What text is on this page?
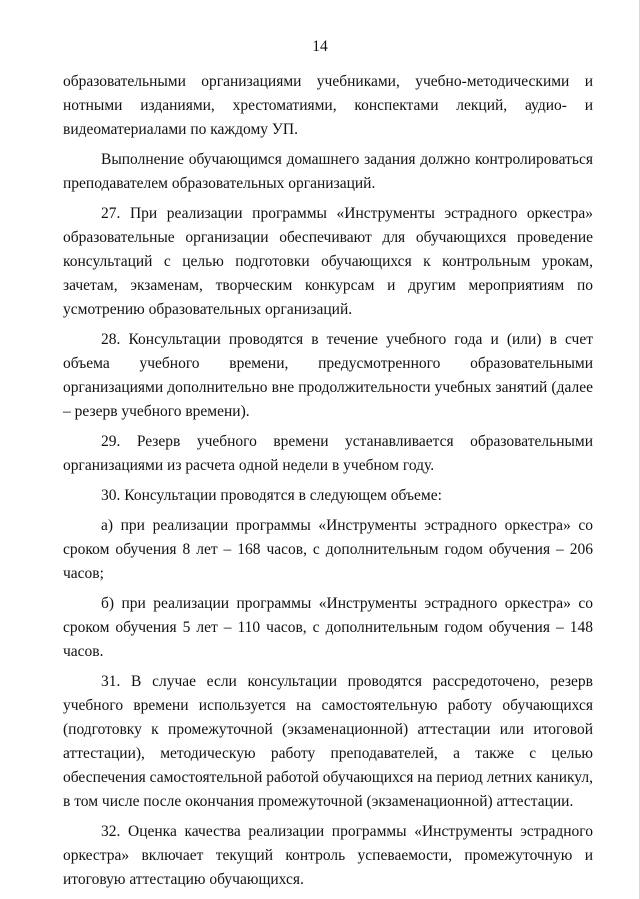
14

образовательными организациями учебниками, учебно-методическими и нотными изданиями, хрестоматиями, конспектами лекций, аудио- и видеоматериалами по каждому УП.

Выполнение обучающимся домашнего задания должно контролироваться преподавателем образовательных организаций.

27. При реализации программы «Инструменты эстрадного оркестра» образовательные организации обеспечивают для обучающихся проведение консультаций с целью подготовки обучающихся к контрольным урокам, зачетам, экзаменам, творческим конкурсам и другим мероприятиям по усмотрению образовательных организаций.

28. Консультации проводятся в течение учебного года и (или) в счет объема учебного времени, предусмотренного образовательными организациями дополнительно вне продолжительности учебных занятий (далее – резерв учебного времени).

29. Резерв учебного времени устанавливается образовательными организациями из расчета одной недели в учебном году.

30. Консультации проводятся в следующем объеме:

а) при реализации программы «Инструменты эстрадного оркестра» со сроком обучения 8 лет – 168 часов, с дополнительным годом обучения – 206 часов;

б) при реализации программы «Инструменты эстрадного оркестра» со сроком обучения 5 лет – 110 часов, с дополнительным годом обучения – 148 часов.

31. В случае если консультации проводятся рассредоточено, резерв учебного времени используется на самостоятельную работу обучающихся (подготовку к промежуточной (экзаменационной) аттестации или итоговой аттестации), методическую работу преподавателей, а также с целью обеспечения самостоятельной работой обучающихся на период летних каникул, в том числе после окончания промежуточной (экзаменационной) аттестации.

32. Оценка качества реализации программы «Инструменты эстрадного оркестра» включает текущий контроль успеваемости, промежуточную и итоговую аттестацию обучающихся.
